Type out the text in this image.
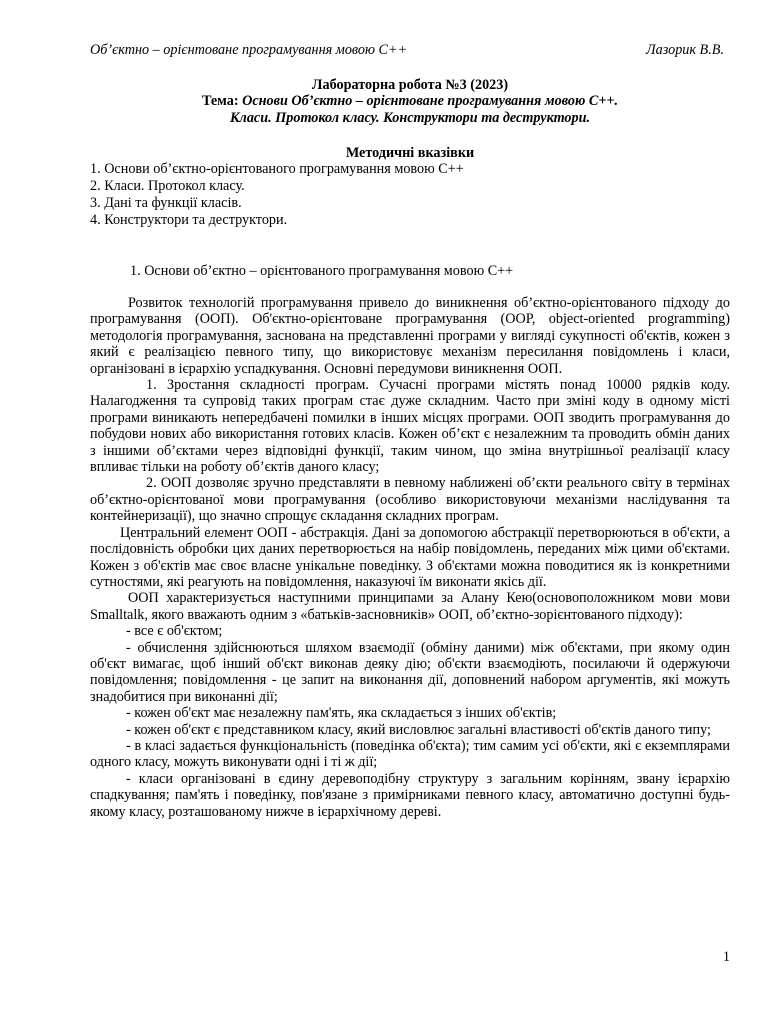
Об’єктно – орієнтоване програмування мовою С++	Лазорик В.В.
Лабораторна робота №3 (2023)
Тема: Основи Об’єктно – орієнтоване програмування мовою С++.
Класи. Протокол класу. Конструктори та деструктори.
Методичні вказівки
1. Основи об’єктно-орієнтованого програмування мовою С++
2. Класи. Протокол класу.
3. Дані та функції класів.
4. Конструктори та деструктори.
1. Основи об’єктно – орієнтованого програмування мовою С++
Розвиток технологій програмування привело до виникнення об’єктно-орієнтованого підходу до програмування (ООП). Об'єктно-орієнтоване програмування (ООР, object-oriented programming) методологія програмування, заснована на представленні програми у вигляді сукупності об'єктів, кожен з який є реалізацією певного типу, що використовує механізм пересилання повідомлень і класи, організовані в ієрархію успадкування. Основні передумови виникнення ООП.
1. Зростання складності програм. Сучасні програми містять понад 10000 рядків коду. Налагодження та супровід таких програм стає дуже складним. Часто при зміні коду в одному місті програми виникають непередбачені помилки в інших місцях програми. ООП зводить програмування до побудови нових або використання готових класів. Кожен об’єкт є незалежним та проводить обмін даних з іншими об’єктами через відповідні функції, таким чином, що зміна внутрішньої реалізації класу впливає тільки на роботу об’єктів даного класу;
2. ООП дозволяє зручно представляти в певному наближені об’єкти реального світу в термінах об’єктно-орієнтованої мови програмування (особливо використовуючи механізми наслідування та контейнеризації), що значно спрощує складання складних програм.
Центральний елемент ООП - абстракція. Дані за допомогою абстракції перетворюються в об'єкти, а послідовність обробки цих даних перетворюється на набір повідомлень, переданих між цими об'єктами. Кожен з об'єктів має своє власне унікальне поведінку. З об'єктами можна поводитися як із конкретними сутностями, які реагують на повідомлення, наказуючі їм виконати якісь дії.
ООП характеризується наступними принципами за Алану Кею(основоположником мови мови Smalltalk, якого вважають одним з «батьків-засновників» ООП, об’єктно-зорієнтованого підходу):
- все є об'єктом;
- обчислення здійснюються шляхом взаємодії (обміну даними) між об'єктами, при якому один об'єкт вимагає, щоб інший об'єкт виконав деяку дію; об'єкти взаємодіють, посилаючи й одержуючи повідомлення; повідомлення - це запит на виконання дії, доповнений набором аргументів, які можуть знадобитися при виконанні дії;
- кожен об'єкт має незалежну пам'ять, яка складається з інших об'єктів;
- кожен об'єкт є представником класу, який висловлює загальні властивості об'єктів даного типу;
- в класі задається функціональність (поведінка об'єкта); тим самим усі об'єкти, які є екземплярами одного класу, можуть виконувати одні і ті ж дії;
- класи організовані в єдину деревоподібну структуру з загальним корінням, звану ієрархію спадкування; пам'ять і поведінку, пов'язане з примірниками певного класу, автоматично доступні будь-якому класу, розташованому нижче в ієрархічному дереві.
1
